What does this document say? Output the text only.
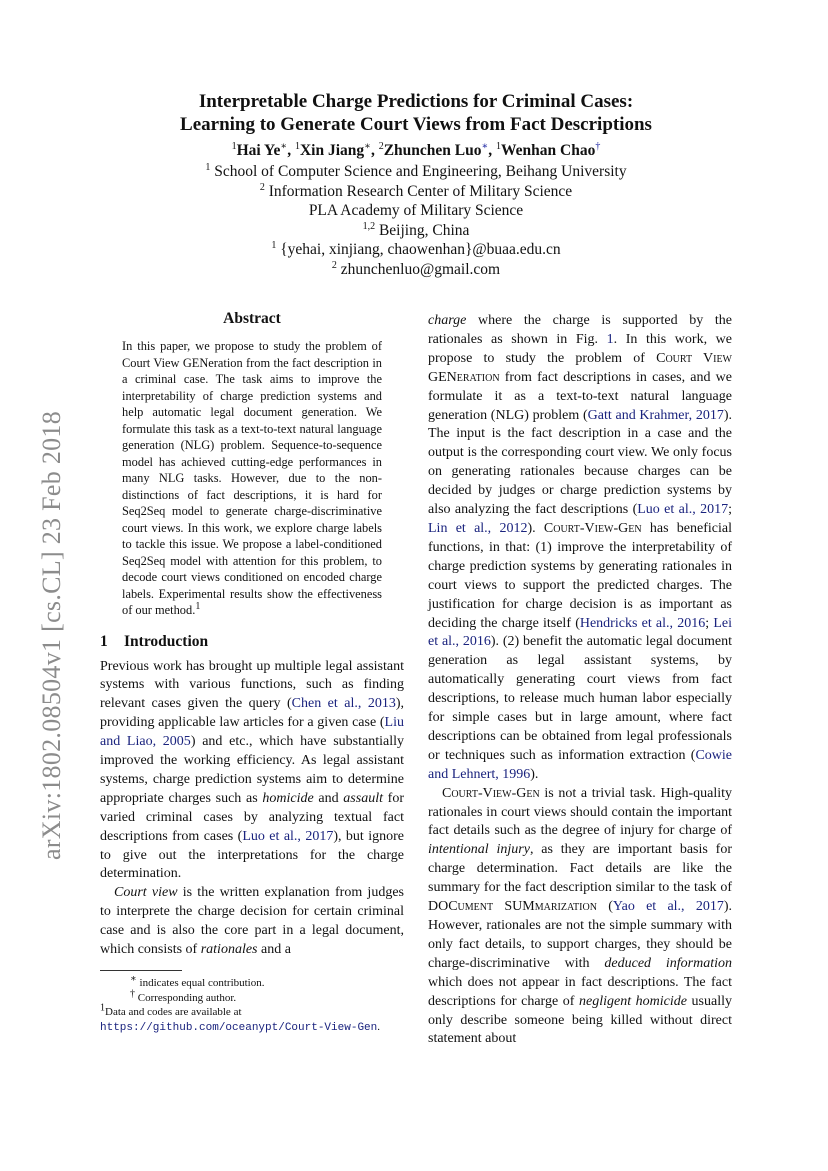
arXiv:1802.08504v1 [cs.CL] 23 Feb 2018
Interpretable Charge Predictions for Criminal Cases:
Learning to Generate Court Views from Fact Descriptions
$^1$Hai Ye∗, $^1$Xin Jiang∗, $^2$Zhunchen Luo∗, $^1$Wenhan Chao†
$^1$ School of Computer Science and Engineering, Beihang University
$^2$ Information Research Center of Military Science
PLA Academy of Military Science
$^{1,2}$ Beijing, China
$^1$ {yehai, xinjiang, chaowenhan}@buaa.edu.cn
$^2$ zhunchenluo@gmail.com
Abstract
In this paper, we propose to study the problem of Court View GENeration from the fact description in a criminal case. The task aims to improve the interpretability of charge prediction systems and help automatic legal document generation. We formulate this task as a text-to-text natural language generation (NLG) problem. Sequence-to-sequence model has achieved cutting-edge performances in many NLG tasks. However, due to the non-distinctions of fact descriptions, it is hard for Seq2Seq model to generate charge-discriminative court views. In this work, we explore charge labels to tackle this issue. We propose a label-conditioned Seq2Seq model with attention for this problem, to decode court views conditioned on encoded charge labels. Experimental results show the effectiveness of our method.$^1$
1 Introduction

Previous work has brought up multiple legal assistant systems with various functions, such as finding relevant cases given the query (Chen et al., 2013), providing applicable law articles for a given case (Liu and Liao, 2005) and etc., which have substantially improved the working efficiency. As legal assistant systems, charge prediction systems aim to determine appropriate charges such as homicide and assault for varied criminal cases by analyzing textual fact descriptions from cases (Luo et al., 2017), but ignore to give out the interpretations for the charge determination.

Court view is the written explanation from judges to interprete the charge decision for certain criminal case and is also the core part in a legal document, which consists of rationales and a

∗ indicates equal contribution.

† Corresponding author.

1Data and codes are available at https://github.com/oceanypt/Court-View-Gen.

charge where the charge is supported by the rationales as shown in Fig. 1. In this work, we propose to study the problem of Court View GENeration from fact descriptions in cases, and we formulate it as a text-to-text natural language generation (NLG) problem (Gatt and Krahmer, 2017). The input is the fact description in a case and the output is the corresponding court view. We only focus on generating rationales because charges can be decided by judges or charge prediction systems by also analyzing the fact descriptions (Luo et al., 2017; Lin et al., 2012). Court-View-Gen has beneficial functions, in that: (1) improve the interpretability of charge prediction systems by generating rationales in court views to support the predicted charges. The justification for charge decision is as important as deciding the charge itself (Hendricks et al., 2016; Lei et al., 2016). (2) benefit the automatic legal document generation as legal assistant systems, by automatically generating court views from fact descriptions, to release much human labor especially for simple cases but in large amount, where fact descriptions can be obtained from legal professionals or techniques such as information extraction (Cowie and Lehnert, 1996).

Court-View-Gen is not a trivial task. High-quality rationales in court views should contain the important fact details such as the degree of injury for charge of intentional injury, as they are important basis for charge determination. Fact details are like the summary for the fact description similar to the task of DOCument SUMmarization (Yao et al., 2017). However, rationales are not the simple summary with only fact details, to support charges, they should be charge-discriminative with deduced information which does not appear in fact descriptions. The fact descriptions for charge of negligent homicide usually only describe someone being killed without direct statement about
